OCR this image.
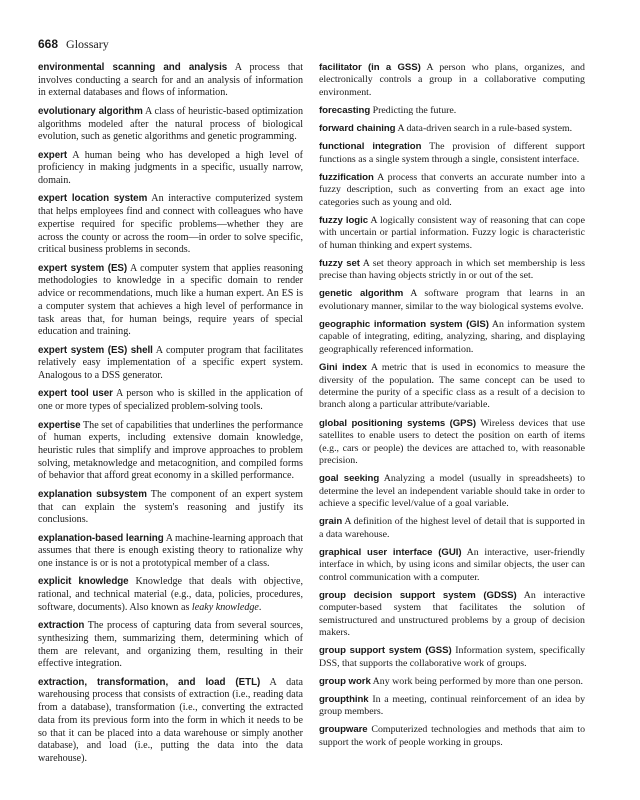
668 Glossary

environmental scanning and analysis A process that involves conducting a search for and an analysis of information in external databases and flows of information.

evolutionary algorithm A class of heuristic-based optimization algorithms modeled after the natural process of biological evolution, such as genetic algorithms and genetic programming.

expert A human being who has developed a high level of proficiency in making judgments in a specific, usually narrow, domain.

expert location system An interactive computerized system that helps employees find and connect with colleagues who have expertise required for specific problems—whether they are across the county or across the room—in order to solve specific, critical business problems in seconds.

expert system (ES) A computer system that applies reasoning methodologies to knowledge in a specific domain to render advice or recommendations, much like a human expert. An ES is a computer system that achieves a high level of performance in task areas that, for human beings, require years of special education and training.

expert system (ES) shell A computer program that facilitates relatively easy implementation of a specific expert system. Analogous to a DSS generator.

expert tool user A person who is skilled in the application of one or more types of specialized problem-solving tools.

expertise The set of capabilities that underlines the performance of human experts, including extensive domain knowledge, heuristic rules that simplify and improve approaches to problem solving, metaknowledge and metacognition, and compiled forms of behavior that afford great economy in a skilled performance.

explanation subsystem The component of an expert system that can explain the system's reasoning and justify its conclusions.

explanation-based learning A machine-learning approach that assumes that there is enough existing theory to rationalize why one instance is or is not a prototypical member of a class.

explicit knowledge Knowledge that deals with objective, rational, and technical material (e.g., data, policies, procedures, software, documents). Also known as leaky knowledge.

extraction The process of capturing data from several sources, synthesizing them, summarizing them, determining which of them are relevant, and organizing them, resulting in their effective integration.

extraction, transformation, and load (ETL) A data warehousing process that consists of extraction (i.e., reading data from a database), transformation (i.e., converting the extracted data from its previous form into the form in which it needs to be so that it can be placed into a data warehouse or simply another database), and load (i.e., putting the data into the data warehouse).

facilitator (in a GSS) A person who plans, organizes, and electronically controls a group in a collaborative computing environment.

forecasting Predicting the future.

forward chaining A data-driven search in a rule-based system.

functional integration The provision of different support functions as a single system through a single, consistent interface.

fuzzification A process that converts an accurate number into a fuzzy description, such as converting from an exact age into categories such as young and old.

fuzzy logic A logically consistent way of reasoning that can cope with uncertain or partial information. Fuzzy logic is characteristic of human thinking and expert systems.

fuzzy set A set theory approach in which set membership is less precise than having objects strictly in or out of the set.

genetic algorithm A software program that learns in an evolutionary manner, similar to the way biological systems evolve.

geographic information system (GIS) An information system capable of integrating, editing, analyzing, sharing, and displaying geographically referenced information.

Gini index A metric that is used in economics to measure the diversity of the population. The same concept can be used to determine the purity of a specific class as a result of a decision to branch along a particular attribute/variable.

global positioning systems (GPS) Wireless devices that use satellites to enable users to detect the position on earth of items (e.g., cars or people) the devices are attached to, with reasonable precision.

goal seeking Analyzing a model (usually in spreadsheets) to determine the level an independent variable should take in order to achieve a specific level/value of a goal variable.

grain A definition of the highest level of detail that is supported in a data warehouse.

graphical user interface (GUI) An interactive, user-friendly interface in which, by using icons and similar objects, the user can control communication with a computer.

group decision support system (GDSS) An interactive computer-based system that facilitates the solution of semistructured and unstructured problems by a group of decision makers.

group support system (GSS) Information system, specifically DSS, that supports the collaborative work of groups.

group work Any work being performed by more than one person.

groupthink In a meeting, continual reinforcement of an idea by group members.

groupware Computerized technologies and methods that aim to support the work of people working in groups.
